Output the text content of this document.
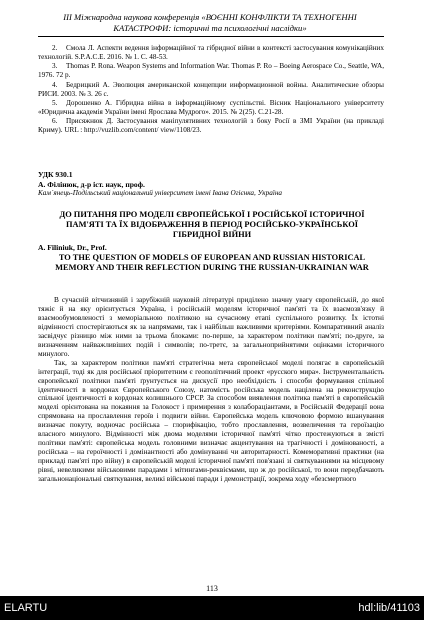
III Міжнародна наукова конференція «ВОЄННІ КОНФЛІКТИ ТА ТЕХНОГЕННІ
КАТАСТРОФИ: історичні та психологічні наслідки»
2. Смола Л. Аспекти ведення інформаційної та гібридної війни в контексті застосування комунікаційних технологій. S.P.A.C.E. 2016. № 1. С. 48-53.
3. Thomas P. Rona. Weapon Systems and Information War. Thomas P. Ro – Boeing Aerospace Co., Seattle, WA, 1976. 72 p.
4. Бедрицкий А. Эволюция американской концепции информационной войны. Аналитические обзоры РИСИ. 2003. № 3. 26 с.
5. Дорошенко А. Гібридна війна в інформаційному суспільстві. Вісник Національного університету «Юридична академія України імені Ярослава Мудрого». 2015. № 2(25). С.21-28.
6. Присяжнюк Д. Застосування маніпулятивних технологій з боку Росії в ЗМІ України (на прикладі Криму). URL : http://vuzlib.com/content/ view/1108/23.
УДК 930.1
А. Філінюк, д-р іст. наук, проф.
Кам`янець-Подільський національний університет імені Івана Огієнка, Україна
ДО ПИТАННЯ ПРО МОДЕЛІ ЄВРОПЕЙСЬКОЇ І РОСІЙСЬКОЇ ІСТОРИЧНОЇ ПАМ'ЯТІ ТА ЇХ ВІДОБРАЖЕННЯ В ПЕРІОД РОСІЙСЬКО-УКРАЇНСЬКОЇ ГІБРИДНОЇ ВІЙНИ
A. Filiniuk, Dr., Prof.
TO THE QUESTION OF MODELS OF EUROPEAN AND RUSSIAN HISTORICAL MEMORY AND THEIR REFLECTION DURING THE RUSSIAN-UKRAINIAN WAR

В сучасній вітчизняній і зарубіжній науковій літературі приділено значну увагу європейській, до якої тяжіє й на яку орієнтується Україна, і російській моделям історичної пам'яті та їх взаємозв'язку й взаємообумовленості з меморіальною політикою на сучасному етапі суспільного розвитку. Їх істотні відмінності спостерігаються як за напрямами, так і найбільш важливими критеріями. Компаративний аналіз засвідчує різницю між ними за трьома блоками: по-перше, за характером політики пам'яті; по-друге, за визначенням найважливіших подій і символів; по-третє, за загальноприйнятими оцінками історичного минулого.

Так, за характером політики пам'яті стратегічна мета європейської моделі полягає в європейській інтеграції, тоді як для російської пріоритетним є геополітичний проект «русского мира». Інструментальність європейської політики пам'яті ґрунтується на дискусії про необхідність і способи формування спільної ідентичності в кордонах Європейського Союзу, натомість російська модель націлена на реконструкцію спільної ідентичності в кордонах колишнього СРСР. За способом виявлення політика пам'яті в європейській моделі орієнтована на покаяння за Голокост і примирення з колабораціантами, в Російській Федерації вона спрямована на прославлення героїв і подвиги війни. Європейська модель ключовою формою вшанування визначає покуту, водночас російська – глорифікацію, тобто прославлення, возвеличення та героїзацію власного минулого. Відмінності між двома моделями історичної пам'яті чітко простежуються в змісті політики пам'яті: європейська модель головними визначає акцентування на трагічності і домінованості, а російська – на героїчності і домінантності або домінуванні чи авторитарності. Комеморативні практики (на прикладі пам'яті про війну) в європейській моделі історичної пам'яті пов'язані зі святкуваннями на місцевому рівні, невеликими військовими парадами і мітингами-реквіємами, що ж до російської, то вони передбачають загальнонаціональні святкування, великі військові паради і демонстрації, зокрема ходу «безсмертного

113
ELARTU	hdl:lib/41103
